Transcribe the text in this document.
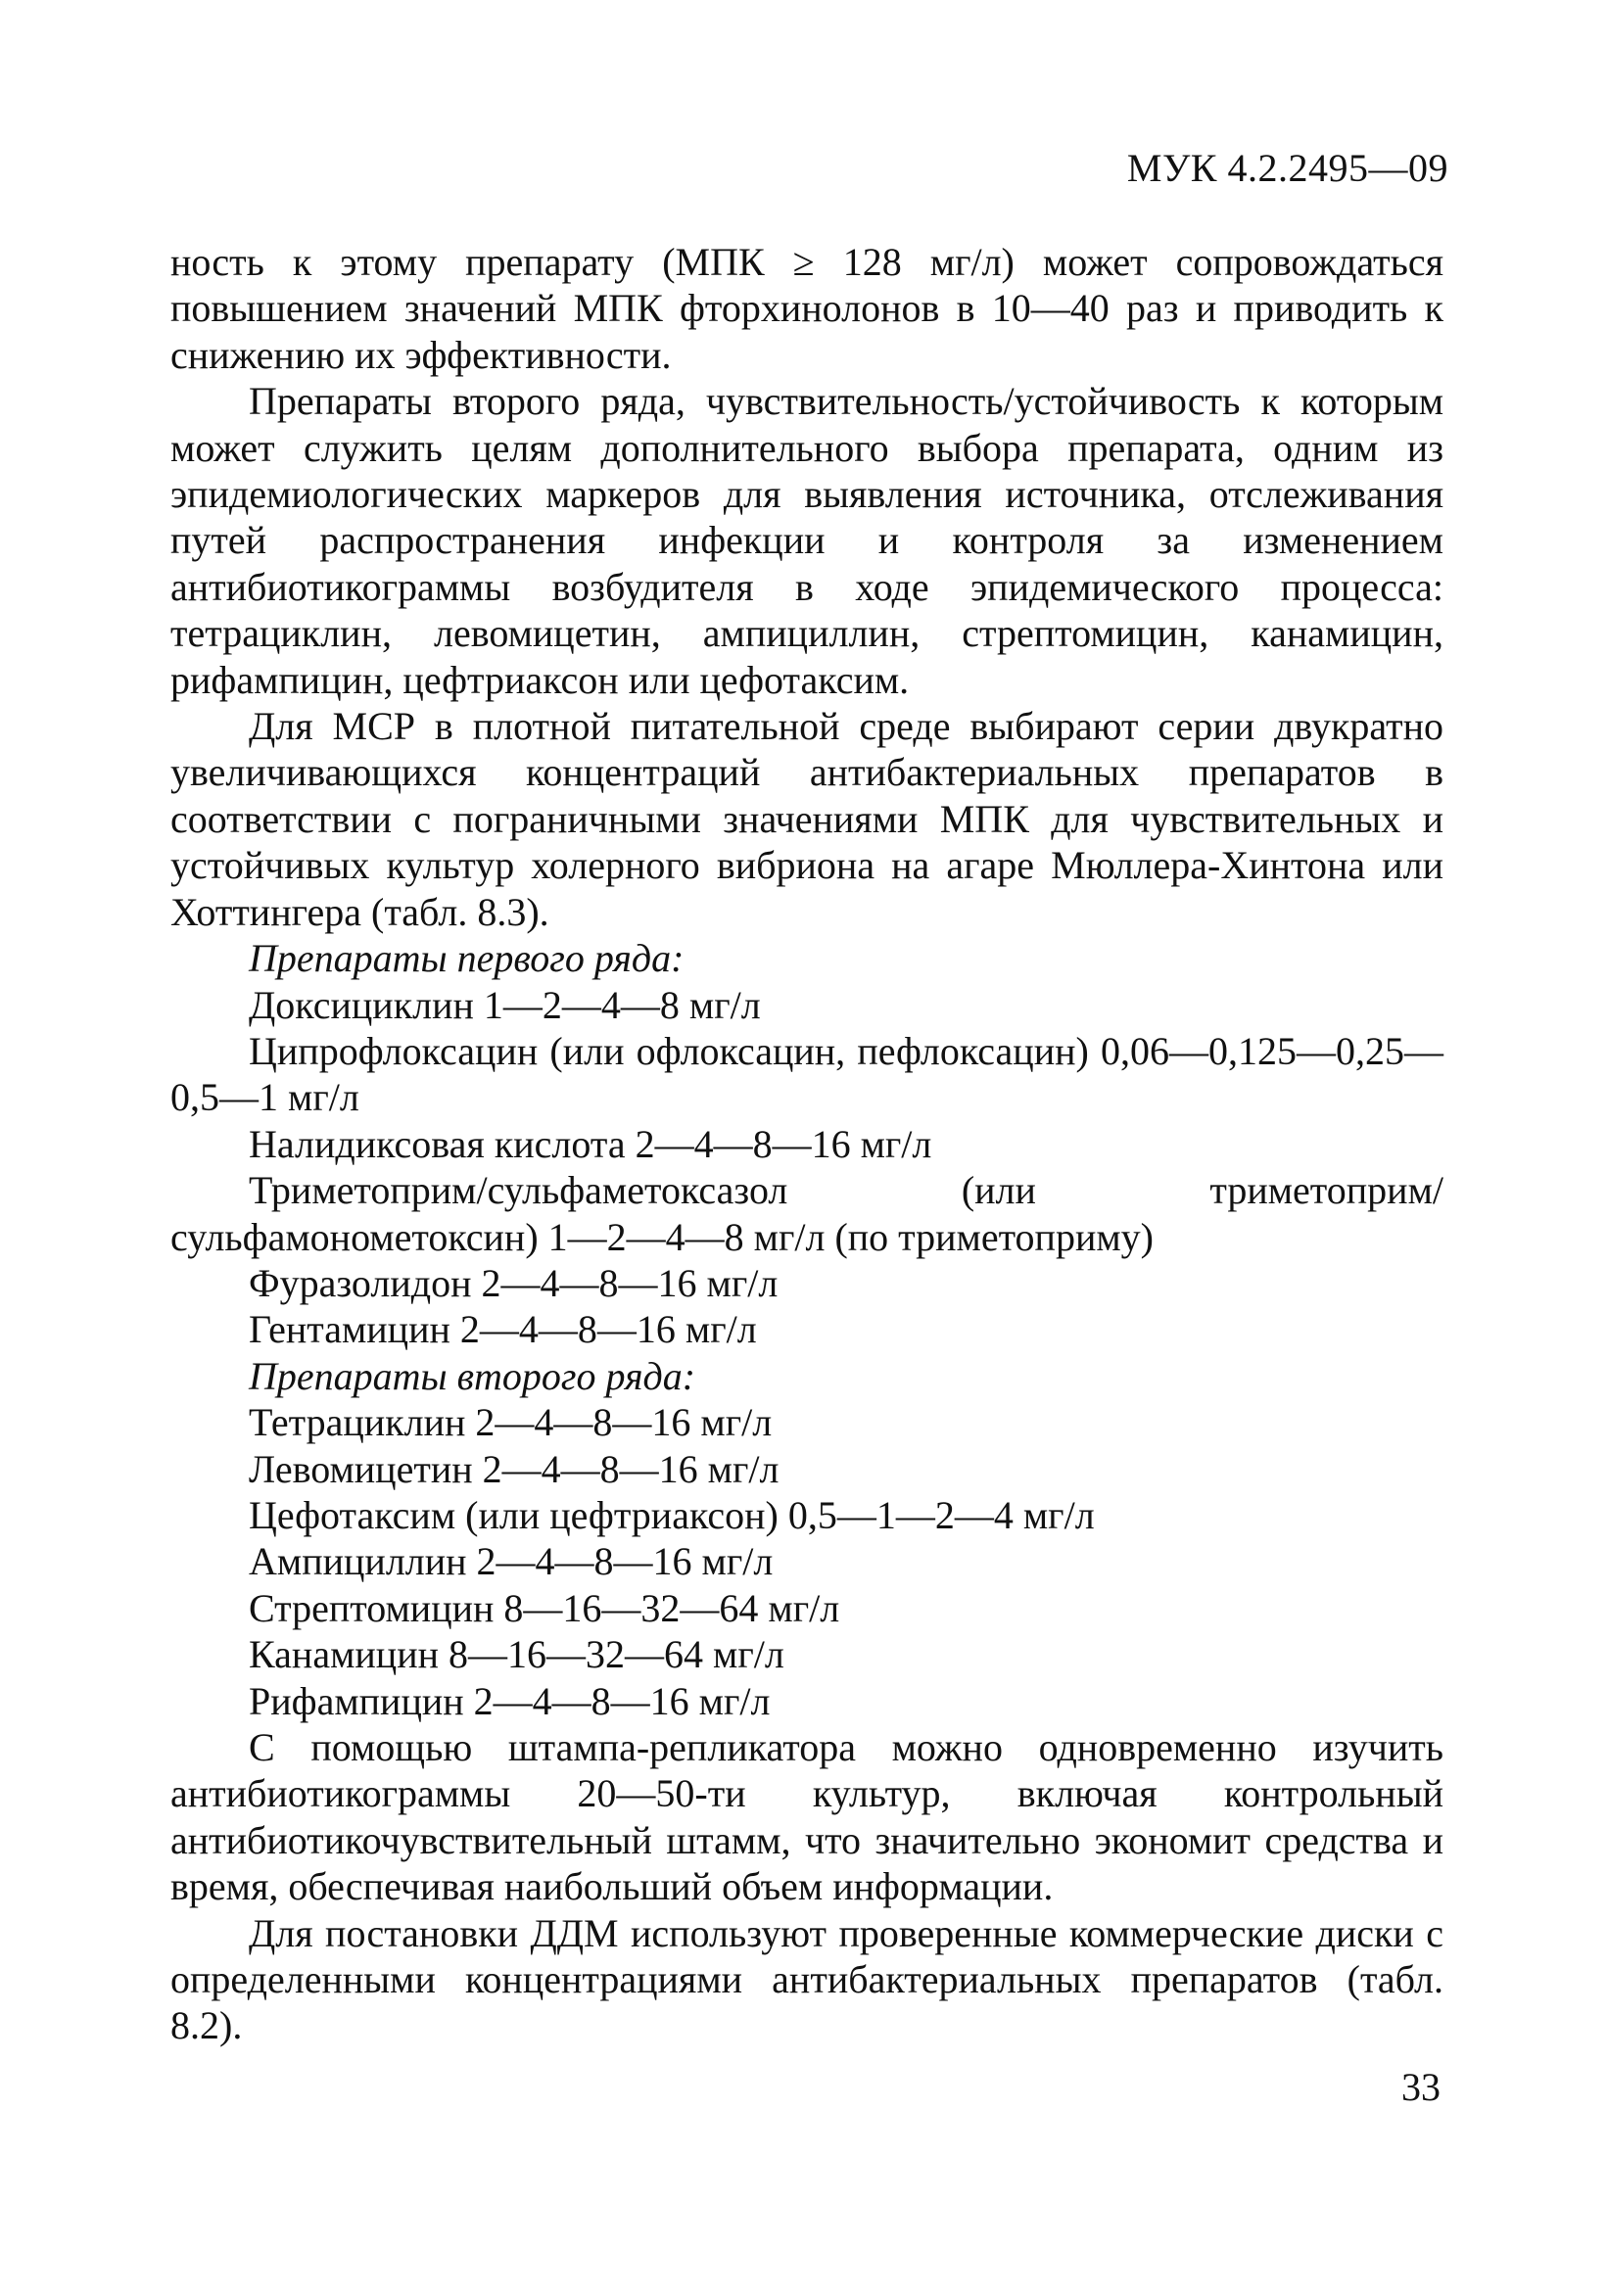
МУК 4.2.2495—09

ность к этому препарату (МПК ≥ 128 мг/л) может сопровождаться повышением значений МПК фторхинолонов в 10—40 раз и приводить к снижению их эффективности.

Препараты второго ряда, чувствительность/устойчивость к которым может служить целям дополнительного выбора препарата, одним из эпидемиологических маркеров для выявления источника, отслеживания путей распространения инфекции и контроля за изменением антибиотикограммы возбудителя в ходе эпидемического процесса: тетрациклин, левомицетин, ампициллин, стрептомицин, канамицин, рифампицин, цефтриаксон или цефотаксим.

Для МСР в плотной питательной среде выбирают серии двукратно увеличивающихся концентраций антибактериальных препаратов в соответствии с пограничными значениями МПК для чувствительных и устойчивых культур холерного вибриона на агаре Мюллера-Хинтона или Хоттингера (табл. 8.3).

Препараты первого ряда:

Доксициклин 1—2—4—8 мг/л

Ципрофлоксацин (или офлоксацин, пефлоксацин) 0,06—0,125—0,25—0,5—1 мг/л

Налидиксовая кислота 2—4—8—16 мг/л

Триметоприм/сульфаметоксазол (или триметоприм/сульфамонометоксин) 1—2—4—8 мг/л (по триметоприму)

Фуразолидон 2—4—8—16 мг/л

Гентамицин 2—4—8—16 мг/л

Препараты второго ряда:

Тетрациклин 2—4—8—16 мг/л

Левомицетин 2—4—8—16 мг/л

Цефотаксим (или цефтриаксон) 0,5—1—2—4 мг/л

Ампициллин 2—4—8—16 мг/л

Стрептомицин 8—16—32—64 мг/л

Канамицин 8—16—32—64 мг/л

Рифампицин 2—4—8—16 мг/л

С помощью штампа-репликатора можно одновременно изучить антибиотикограммы 20—50-ти культур, включая контрольный антибиотикочувствительный штамм, что значительно экономит средства и время, обеспечивая наибольший объем информации.

Для постановки ДДМ используют проверенные коммерческие диски с определенными концентрациями антибактериальных препаратов (табл. 8.2).

33
